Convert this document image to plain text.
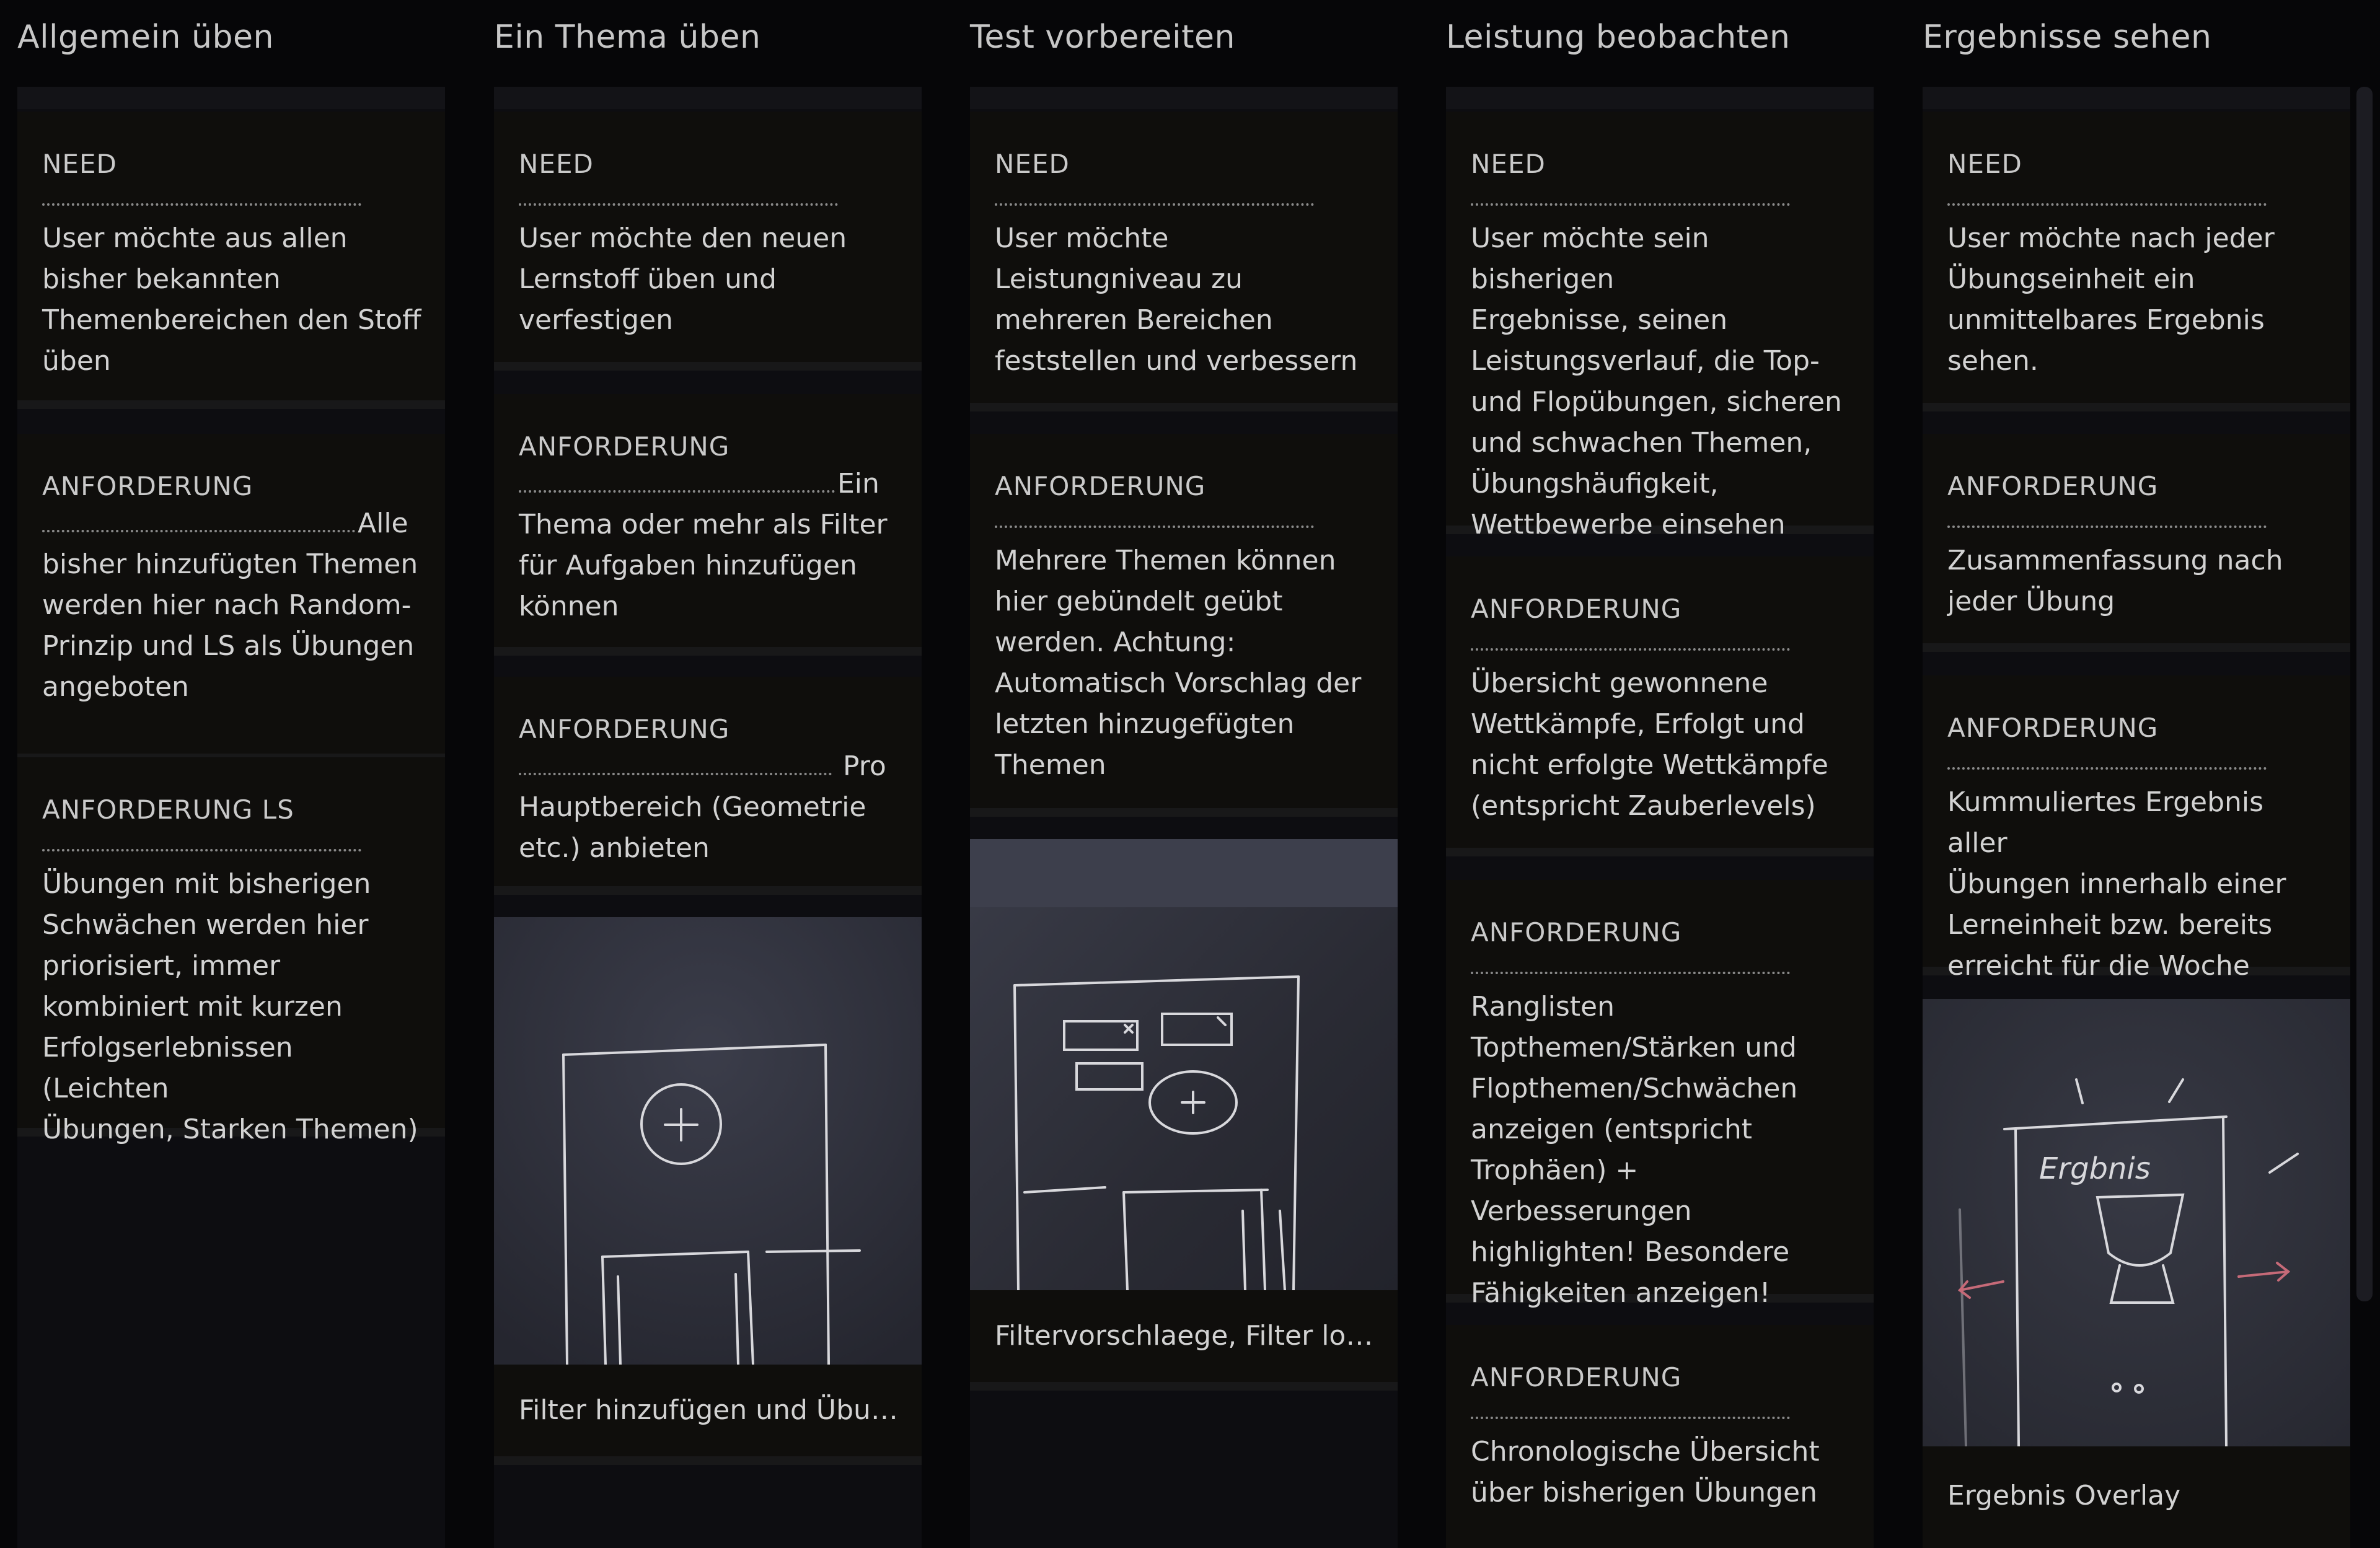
Allgemein üben
NEED
User möchte aus allen
bisher bekannten
Themenbereichen den Stoff
üben
ANFORDERUNG
Alle
bisher hinzufügten Themen
werden hier nach Random-
Prinzip und LS als Übungen
angeboten
ANFORDERUNG LS
Übungen mit bisherigen
Schwächen werden hier
priorisiert, immer
kombiniert mit kurzen
Erfolgserlebnissen (Leichten
Übungen, Starken Themen)
Ein Thema üben
NEED
User möchte den neuen
Lernstoff üben und
verfestigen
ANFORDERUNG
Ein
Thema oder mehr als Filter
für Aufgaben hinzufügen
können
ANFORDERUNG
Pro
Hauptbereich (Geometrie
etc.) anbieten
Filter hinzufügen und Übu…
Test vorbereiten
NEED
User möchte
Leistungniveau zu
mehreren Bereichen
feststellen und verbessern
ANFORDERUNG
Mehrere Themen können
hier gebündelt geübt
werden. Achtung:
Automatisch Vorschlag der
letzten hinzugefügten
Themen
Filtervorschlaege, Filter lo…
Leistung beobachten
NEED
User möchte sein bisherigen
Ergebnisse, seinen
Leistungsverlauf, die Top-
und Flopübungen, sicheren
und schwachen Themen,
Übungshäufigkeit,
Wettbewerbe einsehen
ANFORDERUNG
Übersicht gewonnene
Wettkämpfe, Erfolgt und
nicht erfolgte Wettkämpfe
(entspricht Zauberlevels)
ANFORDERUNG
Ranglisten
Topthemen/Stärken und
Flopthemen/Schwächen
anzeigen (entspricht
Trophäen) + Verbesserungen
highlighten! Besondere
Fähigkeiten anzeigen!
ANFORDERUNG
Chronologische Übersicht
über bisherigen Übungen
Ergebnisse sehen
NEED
User möchte nach jeder
Übungseinheit ein
unmittelbares Ergebnis
sehen.
ANFORDERUNG
Zusammenfassung nach
jeder Übung
ANFORDERUNG
Kummuliertes Ergebnis aller
Übungen innerhalb einer
Lerneinheit bzw. bereits
erreicht für die Woche
Ergbnis
Ergebnis Overlay
